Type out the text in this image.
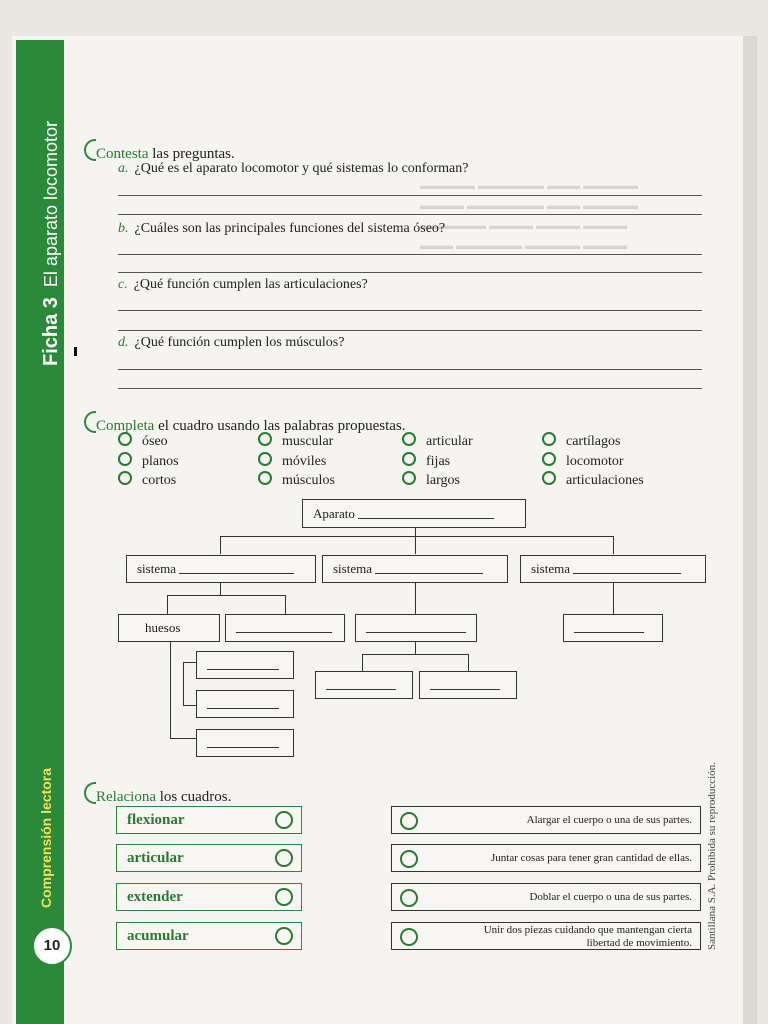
▬▬▬▬▬ ▬▬▬▬▬▬ ▬▬▬ ▬▬▬▬▬
▬▬▬▬ ▬▬▬▬▬▬▬ ▬▬▬ ▬▬▬▬▬
▬▬▬▬▬▬ ▬▬▬▬ ▬▬▬▬ ▬▬▬▬
▬▬▬ ▬▬▬▬▬▬ ▬▬▬▬▬ ▬▬▬▬
Ficha 3El aparato locomotor
Comprensión lectora
10	Santillana S.A. Prohibida su reproducción.
Contesta las preguntas.
a. ¿Qué es el aparato locomotor y qué sistemas lo conforman?
b. ¿Cuáles son las principales funciones del sistema óseo?
c. ¿Qué función cumplen las articulaciones?
d. ¿Qué función cumplen los músculos?
Completa el cuadro usando las palabras propuestas.
óseo
planos
cortos
muscular
móviles
músculos
articular
fijas
largos
cartílagos
locomotor
articulaciones
Aparato
sistema	sistema	sistema
huesos
Relaciona los cuadros.
flexionar
articular
extender
acumular
Alargar el cuerpo o una de sus partes.
Juntar cosas para tener gran cantidad de ellas.
Doblar el cuerpo o una de sus partes.
Unir dos piezas cuidando que mantengan cierta
libertad de movimiento.
